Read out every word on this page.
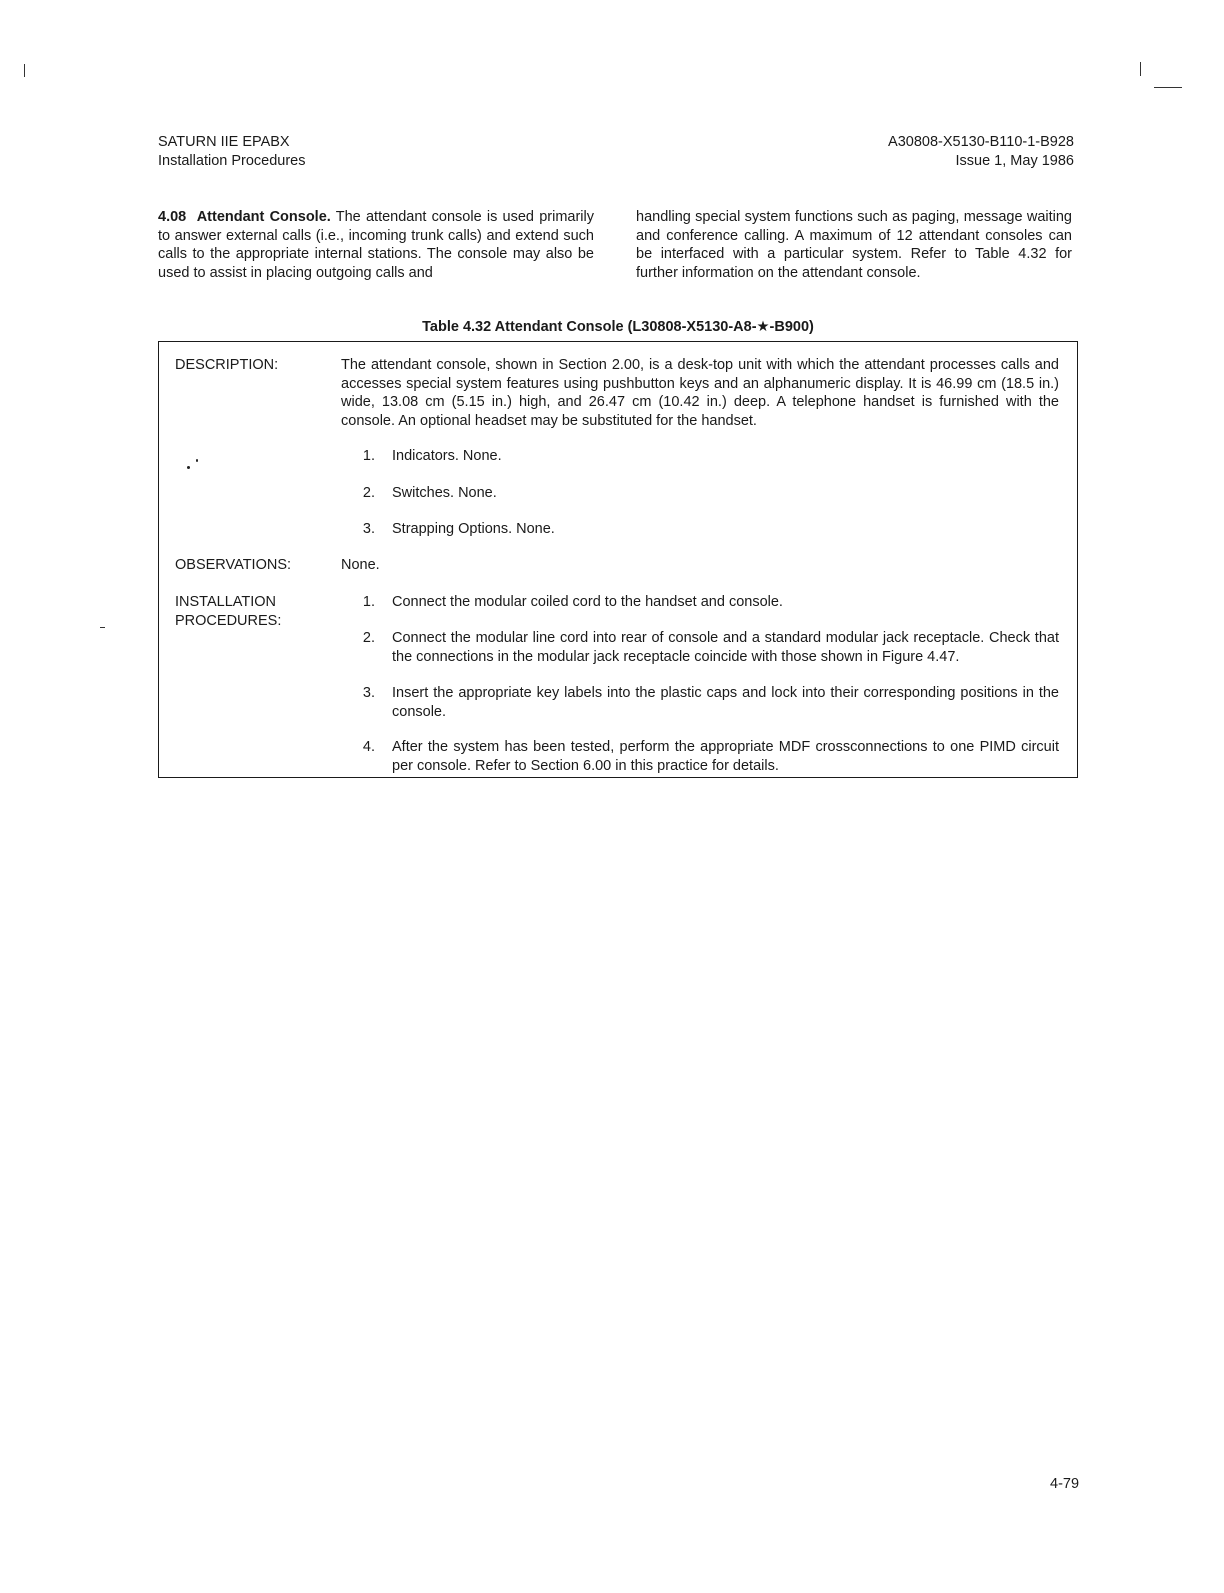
SATURN IIE EPABX
Installation Procedures
A30808-X5130-B110-1-B928
Issue 1, May 1986
4.08 Attendant Console. The attendant console is used primarily to answer external calls (i.e., incoming trunk calls) and extend such calls to the appropriate internal stations. The console may also be used to assist in placing outgoing calls and
handling special system functions such as paging, message waiting and conference calling. A maximum of 12 attendant consoles can be interfaced with a particular system. Refer to Table 4.32 for further information on the attendant console.
Table 4.32 Attendant Console (L30808-X5130-A8-★-B900)
DESCRIPTION:	The attendant console, shown in Section 2.00, is a desk-top unit with which the attendant processes calls and accesses special system features using pushbutton keys and an alphanumeric display. It is 46.99 cm (18.5 in.) wide, 13.08 cm (5.15 in.) high, and 26.47 cm (10.42 in.) deep. A telephone handset is furnished with the console. An optional headset may be substituted for the handset.
1. Indicators. None.
2. Switches. None.
3. Strapping Options. None.
OBSERVATIONS:	None.
INSTALLATION
PROCEDURES:
1. Connect the modular coiled cord to the handset and console.
2. Connect the modular line cord into rear of console and a standard modular jack receptacle. Check that the connections in the modular jack receptacle coincide with those shown in Figure 4.47.
3. Insert the appropriate key labels into the plastic caps and lock into their corresponding positions in the console.
4. After the system has been tested, perform the appropriate MDF crossconnections to one PIMD circuit per console. Refer to Section 6.00 in this practice for details.
4-79
